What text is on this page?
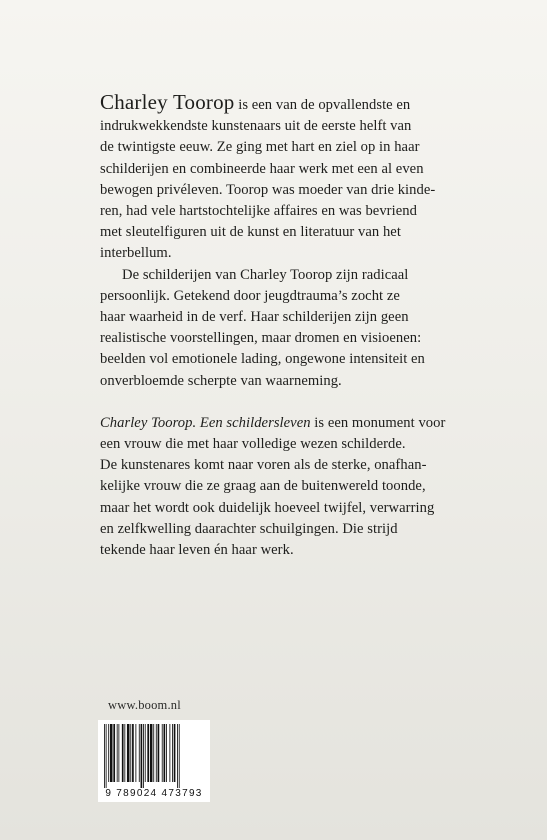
Charley Toorop is een van de opvallendste en
indrukwekkendste kunstenaars uit de eerste helft van
de twintigste eeuw. Ze ging met hart en ziel op in haar
schilderijen en combineerde haar werk met een al even
bewogen privéleven. Toorop was moeder van drie kinde-
ren, had vele hartstochtelijke affaires en was bevriend
met sleutelfiguren uit de kunst en literatuur van het
interbellum.

De schilderijen van Charley Toorop zijn radicaal
persoonlijk. Getekend door jeugdtrauma’s zocht ze
haar waarheid in de verf. Haar schilderijen zijn geen
realistische voorstellingen, maar dromen en visioenen:
beelden vol emotionele lading, ongewone intensiteit en
onverbloemde scherpte van waarneming.

Charley Toorop. Een schildersleven is een monument voor
een vrouw die met haar volledige wezen schilderde.
De kunstenares komt naar voren als de sterke, onafhan-
kelijke vrouw die ze graag aan de buitenwereld toonde,
maar het wordt ook duidelijk hoeveel twijfel, verwarring
en zelfkwelling daarachter schuilgingen. Die strijd
tekende haar leven én haar werk.

www.boom.nl
9 789024 473793
